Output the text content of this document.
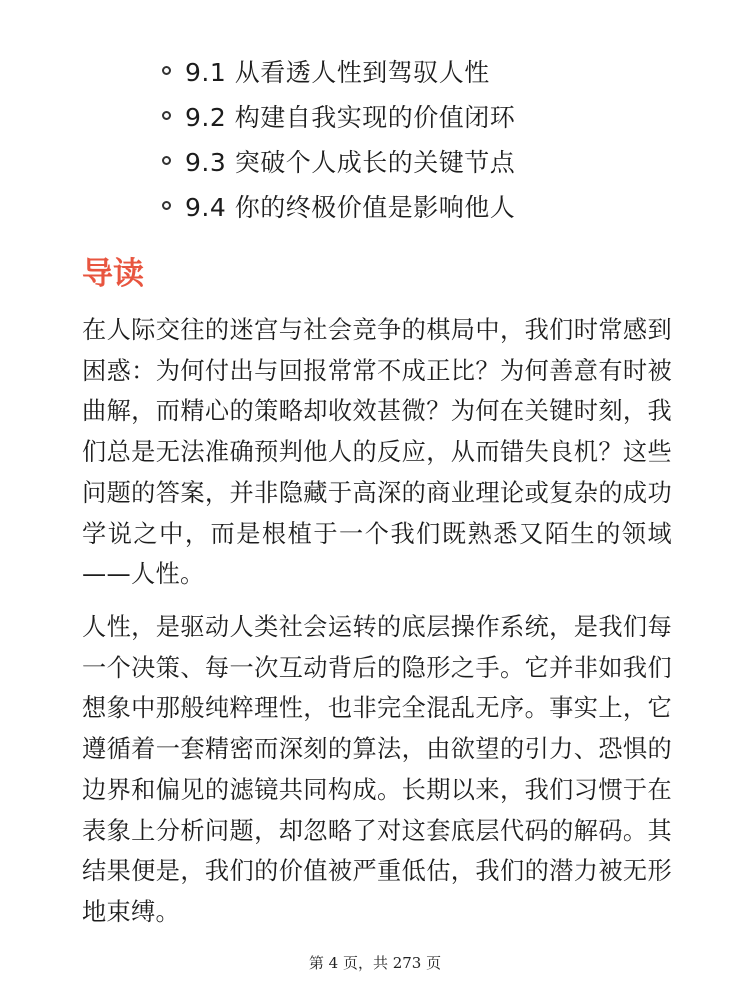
9.1 从看透人性到驾驭人性
9.2 构建自我实现的价值闭环
9.3 突破个人成长的关键节点
9.4 你的终极价值是影响他人
导读

在人际交往的迷宫与社会竞争的棋局中，我们时常感到困惑：为何付出与回报常常不成正比？为何善意有时被曲解，而精心的策略却收效甚微？为何在关键时刻，我们总是无法准确预判他人的反应，从而错失良机？这些问题的答案，并非隐藏于高深的商业理论或复杂的成功学说之中，而是根植于一个我们既熟悉又陌生的领域——人性。

人性，是驱动人类社会运转的底层操作系统，是我们每一个决策、每一次互动背后的隐形之手。它并非如我们想象中那般纯粹理性，也非完全混乱无序。事实上，它遵循着一套精密而深刻的算法，由欲望的引力、恐惧的边界和偏见的滤镜共同构成。长期以来，我们习惯于在表象上分析问题，却忽略了对这套底层代码的解码。其结果便是，我们的价值被严重低估，我们的潜力被无形地束缚。

第 4 页，共 273 页
